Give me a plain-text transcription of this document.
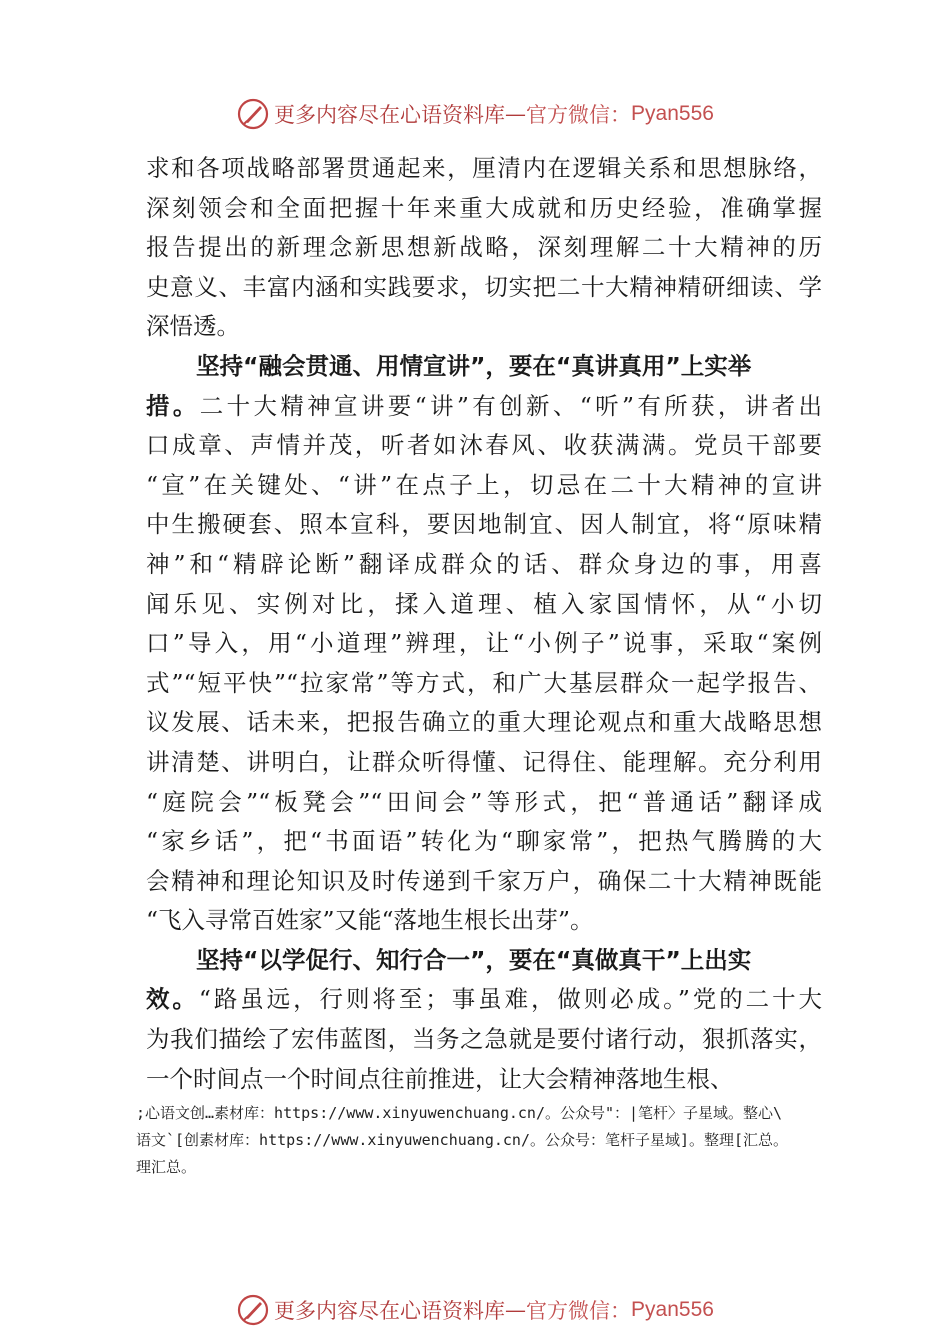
更多内容尽在心语资料库 — 官方微信： Pyan556
求和各项战略部署贯通起来，厘清内在逻辑关系和思想脉络，
深刻领会和全面把握十年来重大成就和历史经验，准确掌握
报告提出的新理念新思想新战略，深刻理解二十大精神的历
史意义、丰富内涵和实践要求，切实把二十大精神精研细读、学
深悟透。
坚持“融会贯通、用情宣讲”，要在“真讲真用”上实举
措。二十大精神宣讲要“讲”有创新、“听”有所获，讲者出
口成章、声情并茂，听者如沐春风、收获满满。党员干部要
“宣”在关键处、“讲”在点子上，切忌在二十大精神的宣讲
中生搬硬套、照本宣科，要因地制宜、因人制宜，将“原味精
神”和“精辟论断”翻译成群众的话、群众身边的事，用喜
闻乐见、实例对比，揉入道理、植入家国情怀，从“小切
口”导入，用“小道理”辨理，让“小例子”说事，采取“案例
式”“短平快”“拉家常”等方式，和广大基层群众一起学报告、
议发展、话未来，把报告确立的重大理论观点和重大战略思想
讲清楚、讲明白，让群众听得懂、记得住、能理解。充分利用
“庭院会”“板凳会”“田间会”等形式，把“普通话”翻译成
“家乡话”，把“书面语”转化为“聊家常”，把热气腾腾的大
会精神和理论知识及时传递到千家万户，确保二十大精神既能
“飞入寻常百姓家”又能“落地生根长出芽”。
坚持“以学促行、知行合一”，要在“真做真干”上出实
效。“路虽远，行则将至；事虽难，做则必成。”党的二十大
为我们描绘了宏伟蓝图，当务之急就是要付诸行动，狠抓落实，
一个时间点一个时间点往前推进，让大会精神落地生根、
;心语文创…素材库：https://www.xinyuwenchuang.cn/。公众号"：|笔杆〉子星域。整心\
语文`[创素材库：https://www.xinyuwenchuang.cn/。公众号：笔杆子星域]。整理[汇总。
理汇总。
更多内容尽在心语资料库 — 官方微信： Pyan556
